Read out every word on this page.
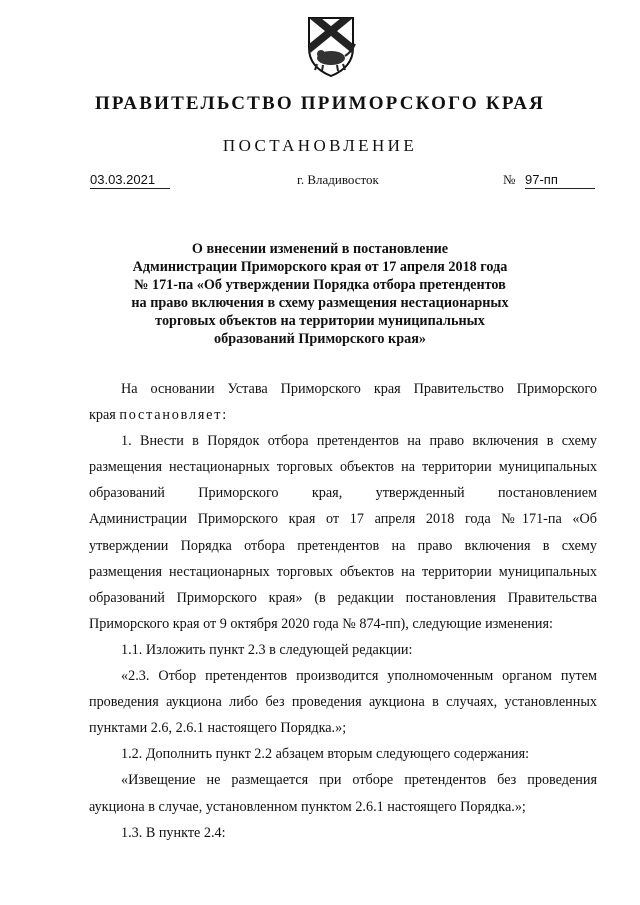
ПРАВИТЕЛЬСТВО ПРИМОРСКОГО КРАЯ
ПОСТАНОВЛЕНИЕ
03.03.2021	г. Владивосток	№ 97-пп
О внесении изменений в постановление
Администрации Приморского края от 17 апреля 2018 года
№ 171-па «Об утверждении Порядка отбора претендентов
на право включения в схему размещения нестационарных
торговых объектов на территории муниципальных
образований Приморского края»
На основании Устава Приморского края Правительство Приморского
края постановляет:
1. Внести в Порядок отбора претендентов на право включения в схему
размещения нестационарных торговых объектов на территории муниципальных
образований Приморского края, утвержденный постановлением
Администрации Приморского края от 17 апреля 2018 года №171-па «Об
утверждении Порядка отбора претендентов на право включения в схему
размещения нестационарных торговых объектов на территории муниципальных
образований Приморского края» (в редакции постановления Правительства
Приморского края от 9 октября 2020 года № 874-пп), следующие изменения:
1.1. Изложить пункт 2.3 в следующей редакции:
«2.3. Отбор претендентов производится уполномоченным органом путем
проведения аукциона либо без проведения аукциона в случаях, установленных
пунктами 2.6, 2.6.1 настоящего Порядка.»;
1.2. Дополнить пункт 2.2 абзацем вторым следующего содержания:
«Извещение не размещается при отборе претендентов без проведения
аукциона в случае, установленном пунктом 2.6.1 настоящего Порядка.»;
1.3. В пункте 2.4:
